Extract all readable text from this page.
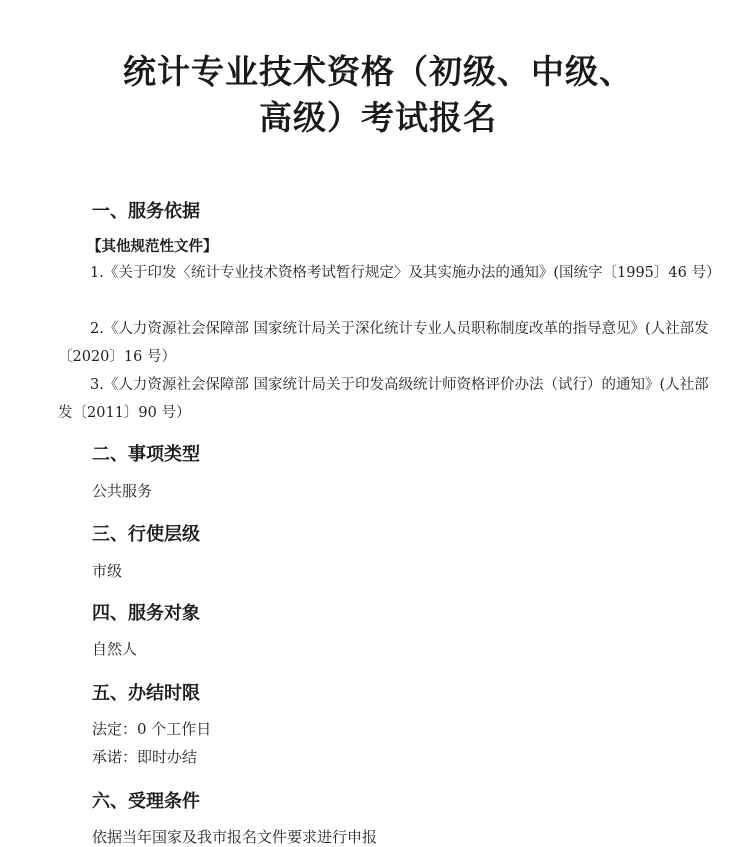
统计专业技术资格（初级、中级、
高级）考试报名
一、服务依据
【其他规范性文件】

1.《关于印发〈统计专业技术资格考试暂行规定〉及其实施办法的通知》(国统字〔1995〕46 号）

2.《人力资源社会保障部 国家统计局关于深化统计专业人员职称制度改革的指导意见》(人社部发〔2020〕16 号）

3.《人力资源社会保障部 国家统计局关于印发高级统计师资格评价办法（试行）的通知》(人社部发〔2011〕90 号）

二、事项类型

公共服务

三、行使层级

市级

四、服务对象

自然人

五、办结时限

法定：0 个工作日

承诺：即时办结

六、受理条件

依据当年国家及我市报名文件要求进行申报
